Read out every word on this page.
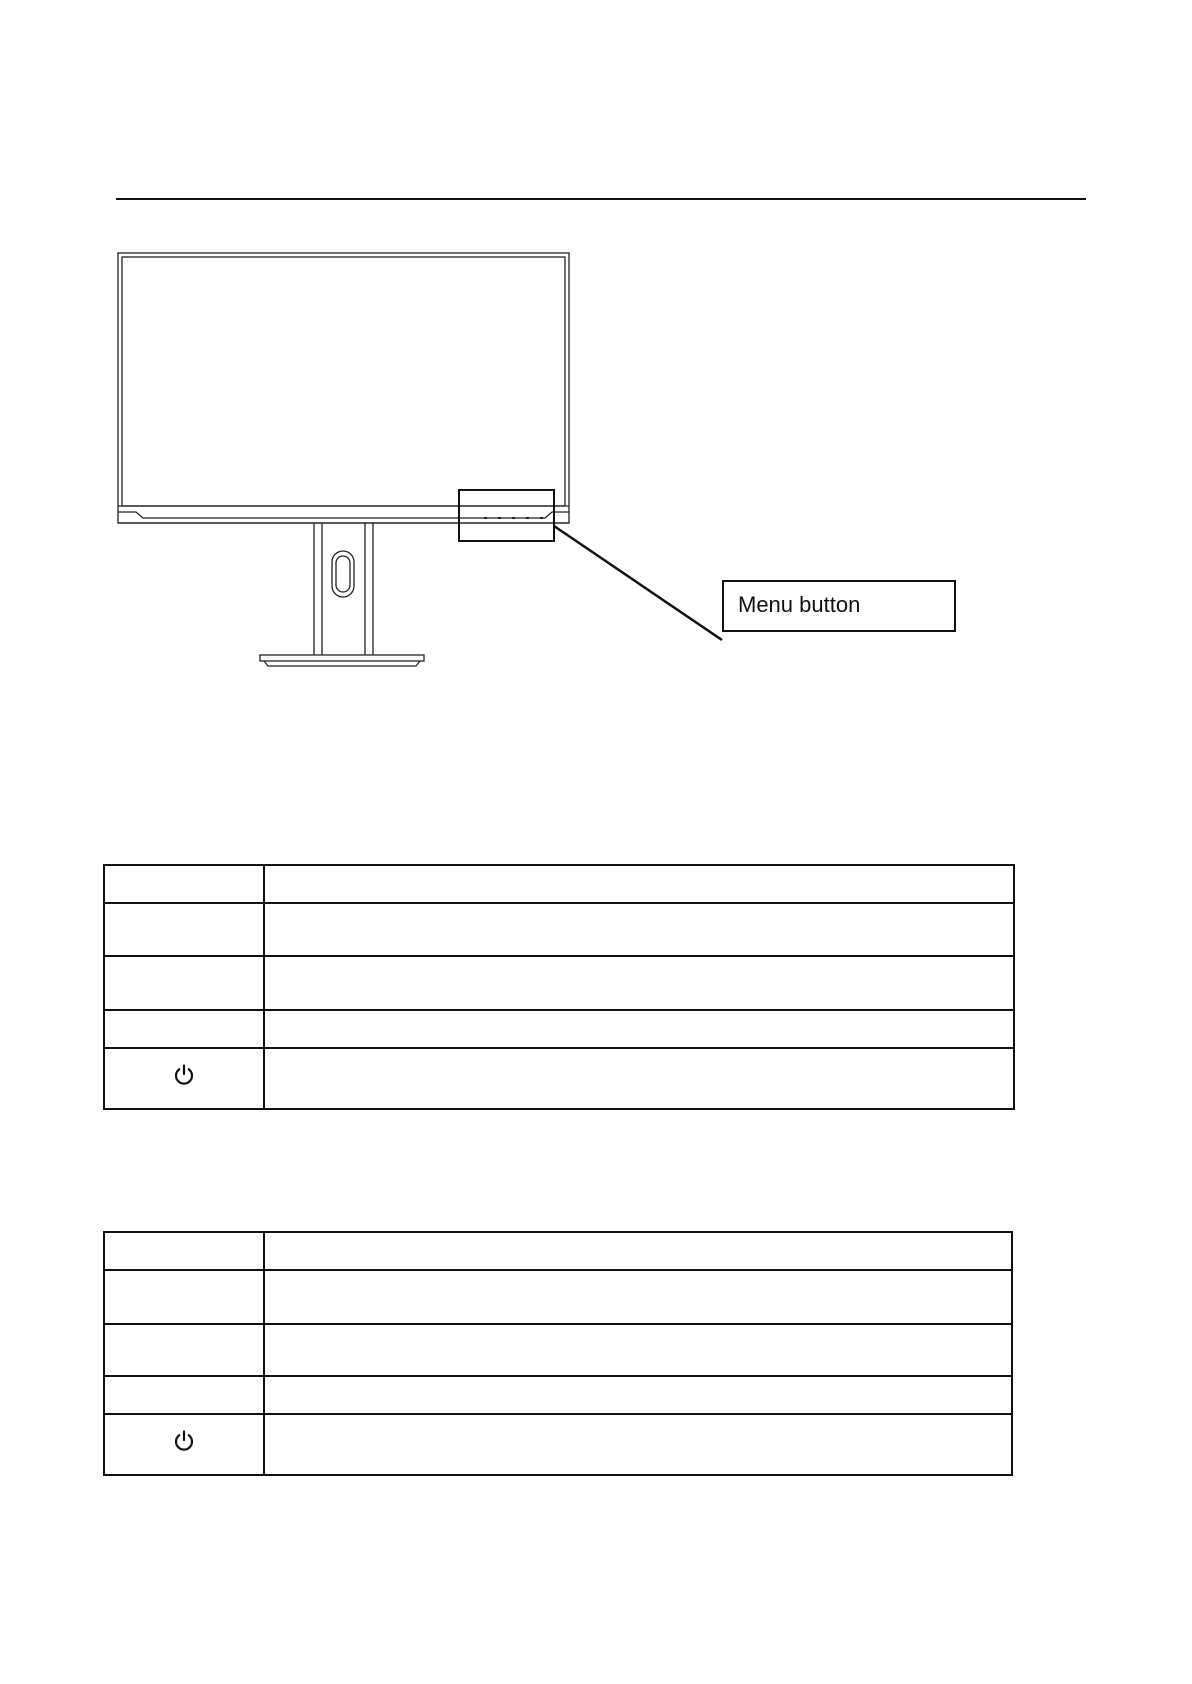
Menu button
